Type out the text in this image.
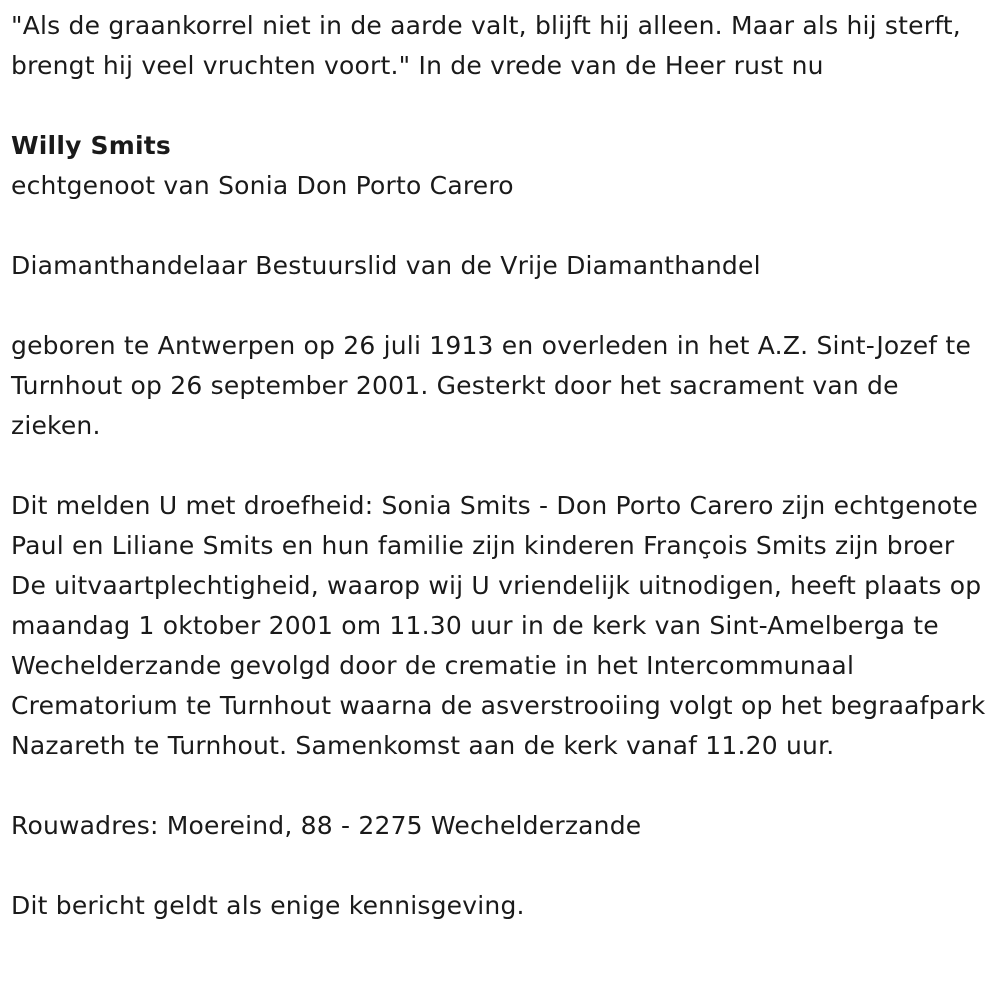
"Als de graankorrel niet in de aarde valt, blijft hij alleen. Maar als hij sterft, brengt hij veel vruchten voort." In de vrede van de Heer rust nu

Willy Smits

echtgenoot van Sonia Don Porto Carero

Diamanthandelaar Bestuurslid van de Vrije Diamanthandel

geboren te Antwerpen op 26 juli 1913 en overleden in het A.Z. Sint-Jozef te Turnhout op 26 september 2001. Gesterkt door het sacrament van de zieken.

Dit melden U met droefheid: Sonia Smits - Don Porto Carero zijn echtgenote Paul en Liliane Smits en hun familie zijn kinderen François Smits zijn broer De uitvaartplechtigheid, waarop wij U vriendelijk uitnodigen, heeft plaats op maandag 1 oktober 2001 om 11.30 uur in de kerk van Sint-Amelberga te Wechelderzande gevolgd door de crematie in het Intercommunaal Crematorium te Turnhout waarna de asverstrooiing volgt op het begraafpark Nazareth te Turnhout. Samenkomst aan de kerk vanaf 11.20 uur.

Rouwadres: Moereind, 88 - 2275 Wechelderzande

Dit bericht geldt als enige kennisgeving.
